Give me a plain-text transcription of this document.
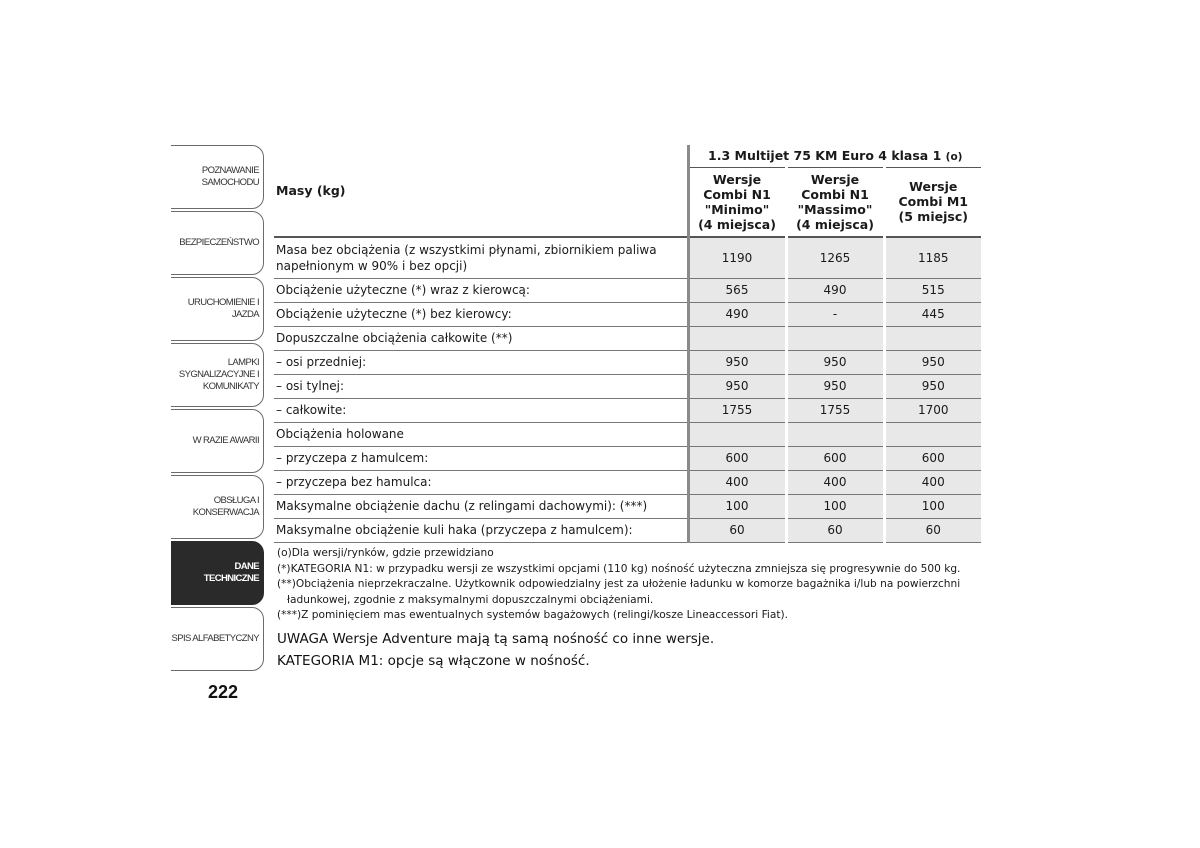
POZNAWANIE
SAMOCHODU
BEZPIECZEŃSTWO
URUCHOMIENIE I
JAZDA
LAMPKI
SYGNALIZACYJNE I
KOMUNIKATY
W RAZIE AWARII
OBSŁUGA I
KONSERWACJA
DANE
TECHNICZNE
SPIS ALFABETYCZNY
222
Masy (kg)	1.3 Multijet 75 KM Euro 4 klasa 1 (o)		
	Wersje
Combi N1
"Minimo"
(4 miejsca)	Wersje
Combi N1
"Massimo"
(4 miejsca)	Wersje
Combi M1
(5 miejsc)
Masa bez obciążenia (z wszystkimi płynami, zbiornikiem paliwa napełnionym w 90% i bez opcji)	1190	1265	1185
Obciążenie użyteczne (*) wraz z kierowcą:	565	490	515
Obciążenie użyteczne (*) bez kierowcy:	490	-	445
Dopuszczalne obciążenia całkowite (**)			
– osi przedniej:	950	950	950
– osi tylnej:	950	950	950
– całkowite:	1755	1755	1700
Obciążenia holowane			
– przyczepa z hamulcem:	600	600	600
– przyczepa bez hamulca:	400	400	400
Maksymalne obciążenie dachu (z relingami dachowymi): (***)	100	100	100
Maksymalne obciążenie kuli haka (przyczepa z hamulcem):	60	60	60

(o)Dla wersji/rynków, gdzie przewidziano

(*)KATEGORIA N1: w przypadku wersji ze wszystkimi opcjami (110 kg) nośność użyteczna zmniejsza się progresywnie do 500 kg.

(**)Obciążenia nieprzekraczalne. Użytkownik odpowiedzialny jest za ułożenie ładunku w komorze bagażnika i/lub na powierzchni

ładunkowej, zgodnie z maksymalnymi dopuszczalnymi obciążeniami.

(***)Z pominięciem mas ewentualnych systemów bagażowych (relingi/kosze Lineaccessori Fiat).

UWAGA Wersje Adventure mają tą samą nośność co inne wersje.

KATEGORIA M1: opcje są włączone w nośność.
